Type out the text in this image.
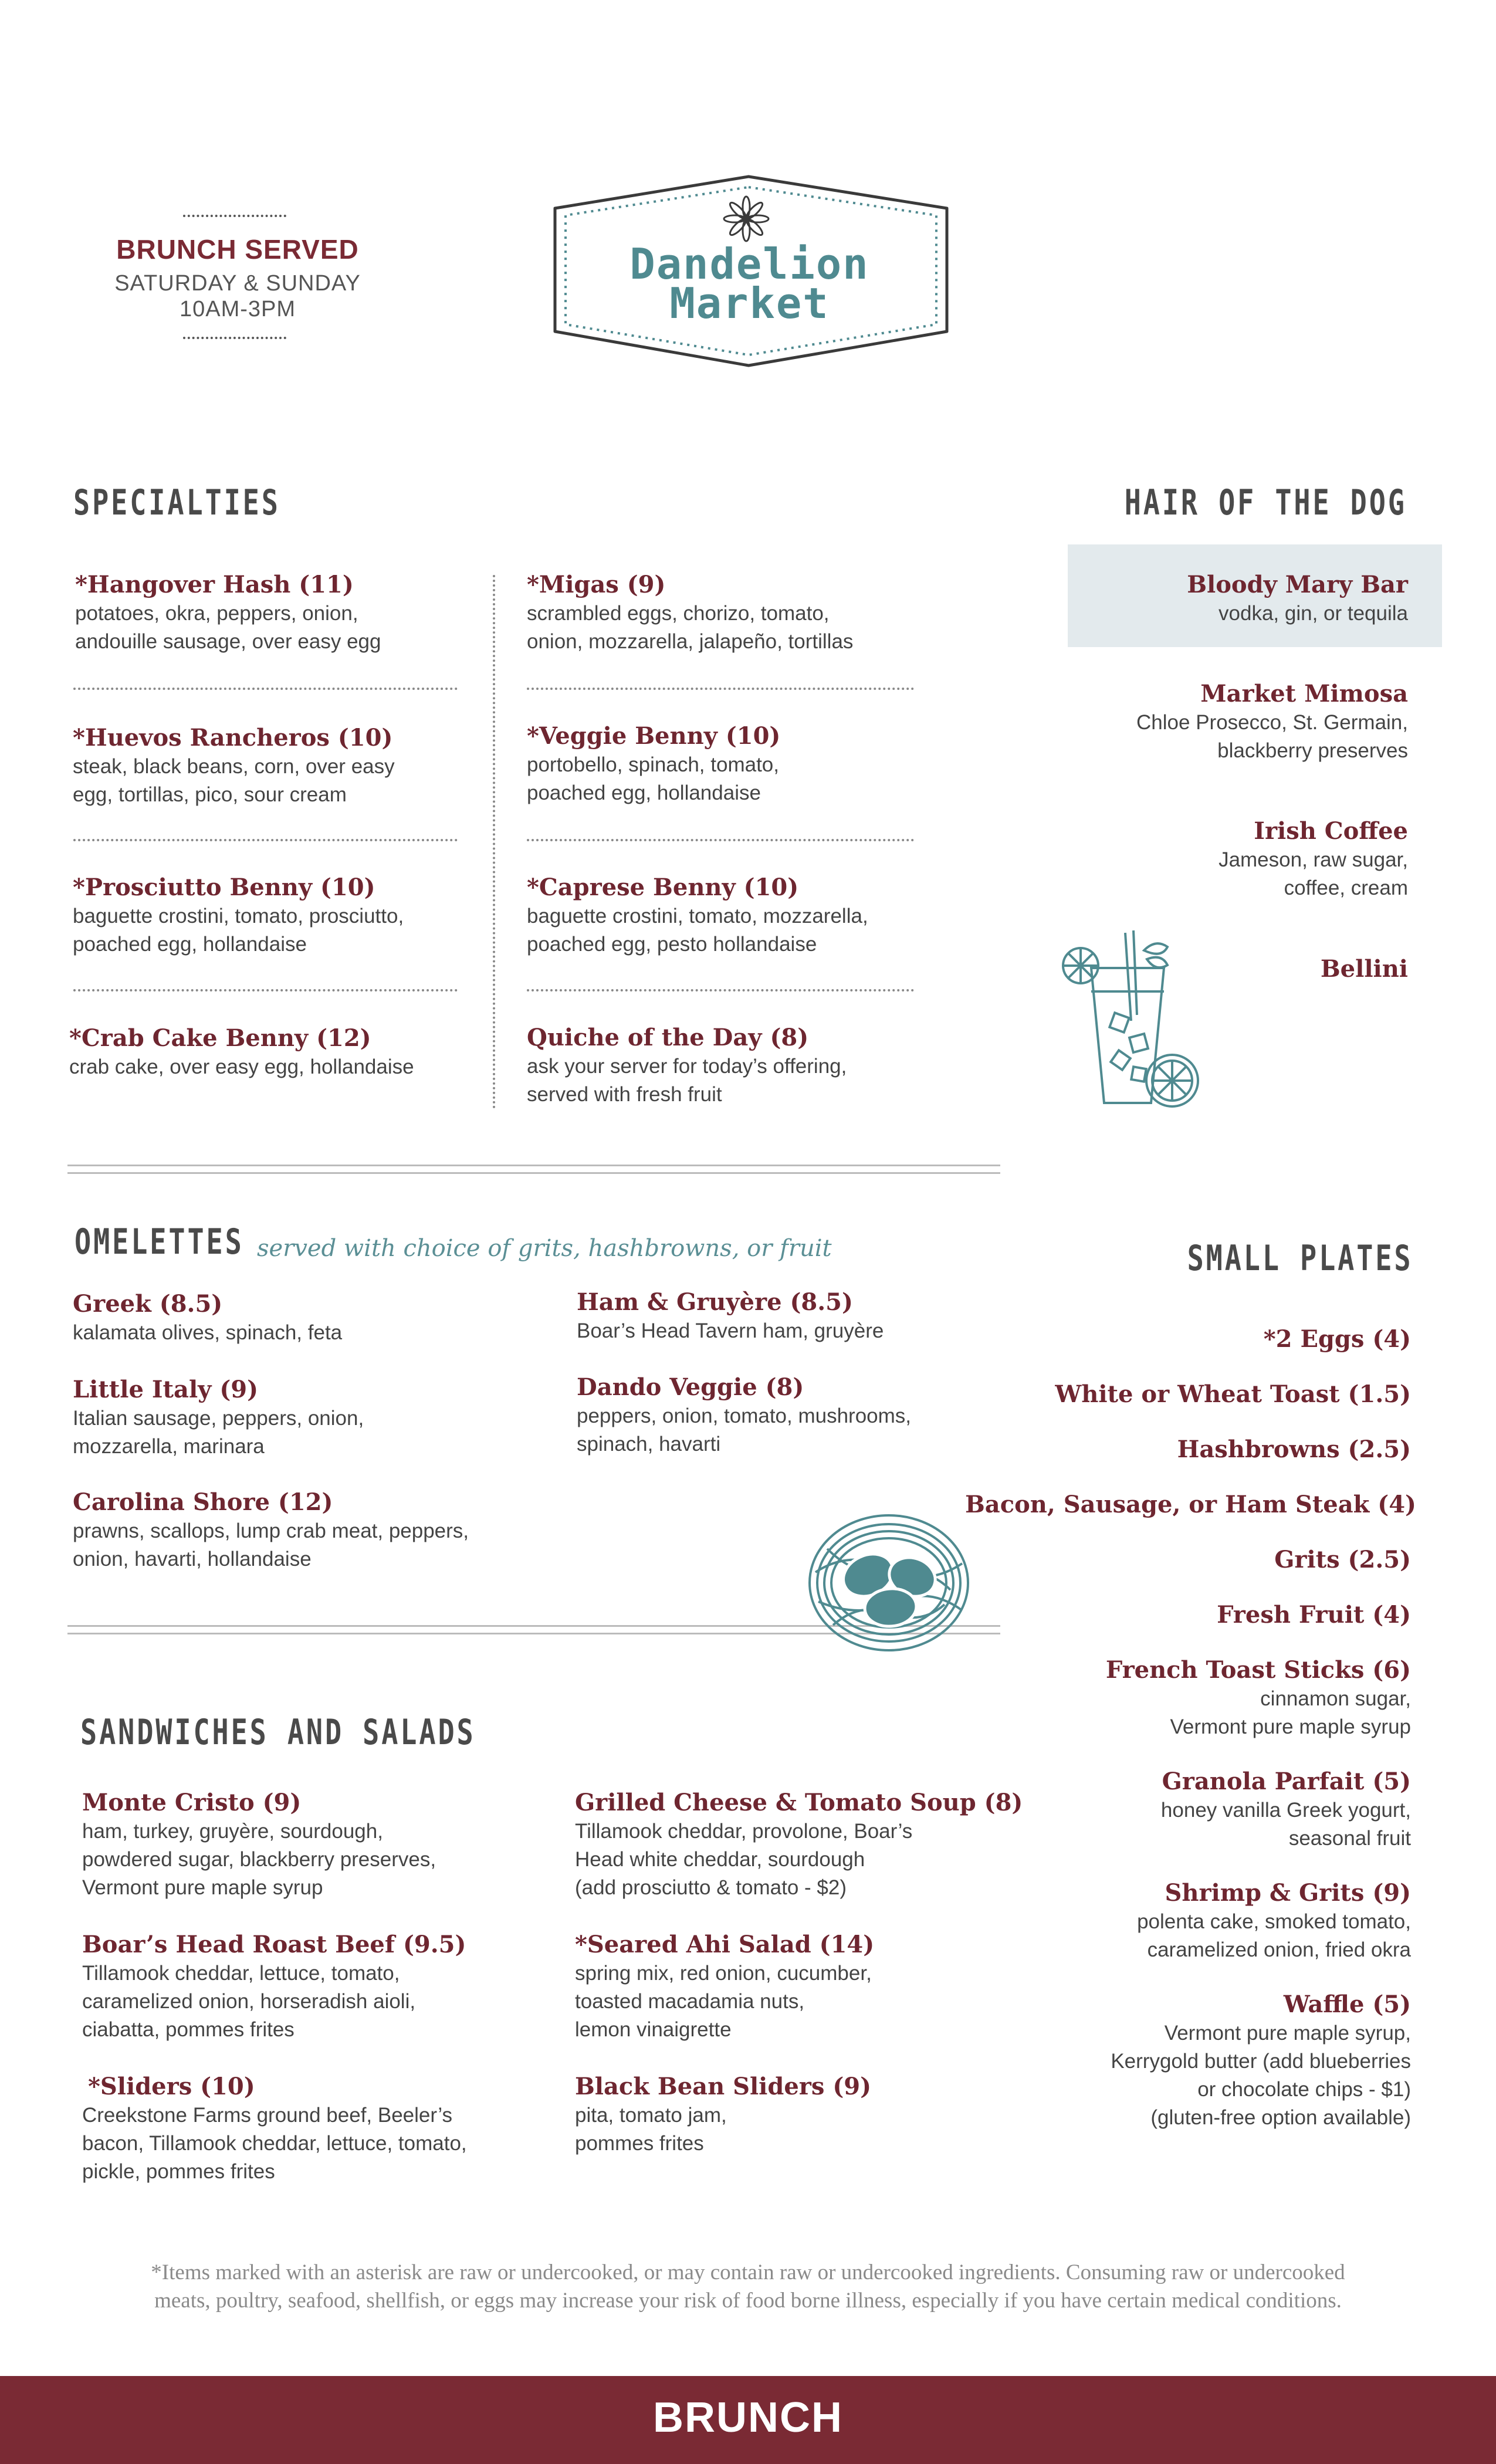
BRUNCH SERVED
SATURDAY & SUNDAY
10AM-3PM
Dandelion
Market
SPECIALTIES
*Hangover Hash (11)
potatoes, okra, peppers, onion,
andouille sausage, over easy egg
*Migas (9)
scrambled eggs, chorizo, tomato,
onion, mozzarella, jalapeño, tortillas
*Huevos Rancheros (10)
steak, black beans, corn, over easy
egg, tortillas, pico, sour cream
*Veggie Benny (10)
portobello, spinach, tomato,
poached egg, hollandaise
*Prosciutto Benny (10)
baguette crostini, tomato, prosciutto,
poached egg, hollandaise
*Caprese Benny (10)
baguette crostini, tomato, mozzarella,
poached egg, pesto hollandaise
*Crab Cake Benny (12)
crab cake, over easy egg, hollandaise
Quiche of the Day (8)
ask your server for today’s offering,
served with fresh fruit
HAIR OF THE DOG
Bloody Mary Bar
vodka, gin, or tequila
Market Mimosa
Chloe Prosecco, St. Germain,
blackberry preserves
Irish Coffee
Jameson, raw sugar,
coffee, cream
Bellini
OMELETTES served with choice of grits, hashbrowns, or fruit
Greek (8.5)
kalamata olives, spinach, feta
Ham & Gruyère (8.5)
Boar’s Head Tavern ham, gruyère
Little Italy (9)
Italian sausage, peppers, onion,
mozzarella, marinara
Dando Veggie (8)
peppers, onion, tomato, mushrooms,
spinach, havarti
Carolina Shore (12)
prawns, scallops, lump crab meat, peppers,
onion, havarti, hollandaise
SMALL PLATES
*2 Eggs (4)
White or Wheat Toast (1.5)
Hashbrowns (2.5)
Bacon, Sausage, or Ham Steak (4)
Grits (2.5)
Fresh Fruit (4)
French Toast Sticks (6)
cinnamon sugar,
Vermont pure maple syrup
Granola Parfait (5)
honey vanilla Greek yogurt,
seasonal fruit
Shrimp & Grits (9)
polenta cake, smoked tomato,
caramelized onion, fried okra
Waffle (5)
Vermont pure maple syrup,
Kerrygold butter (add blueberries
or chocolate chips - $1)
(gluten-free option available)
SANDWICHES AND SALADS
Monte Cristo (9)
ham, turkey, gruyère, sourdough,
powdered sugar, blackberry preserves,
Vermont pure maple syrup
Grilled Cheese & Tomato Soup (8)
Tillamook cheddar, provolone, Boar’s
Head white cheddar, sourdough
(add prosciutto & tomato - $2)
Boar’s Head Roast Beef (9.5)
Tillamook cheddar, lettuce, tomato,
caramelized onion, horseradish aioli,
ciabatta, pommes frites
*Seared Ahi Salad (14)
spring mix, red onion, cucumber,
toasted macadamia nuts,
lemon vinaigrette
*Sliders (10)
Creekstone Farms ground beef, Beeler’s
bacon, Tillamook cheddar, lettuce, tomato,
pickle, pommes frites
Black Bean Sliders (9)
pita, tomato jam,
pommes frites
*Items marked with an asterisk are raw or undercooked, or may contain raw or undercooked ingredients. Consuming raw or undercooked
meats, poultry, seafood, shellfish, or eggs may increase your risk of food borne illness, especially if you have certain medical conditions.
BRUNCH
